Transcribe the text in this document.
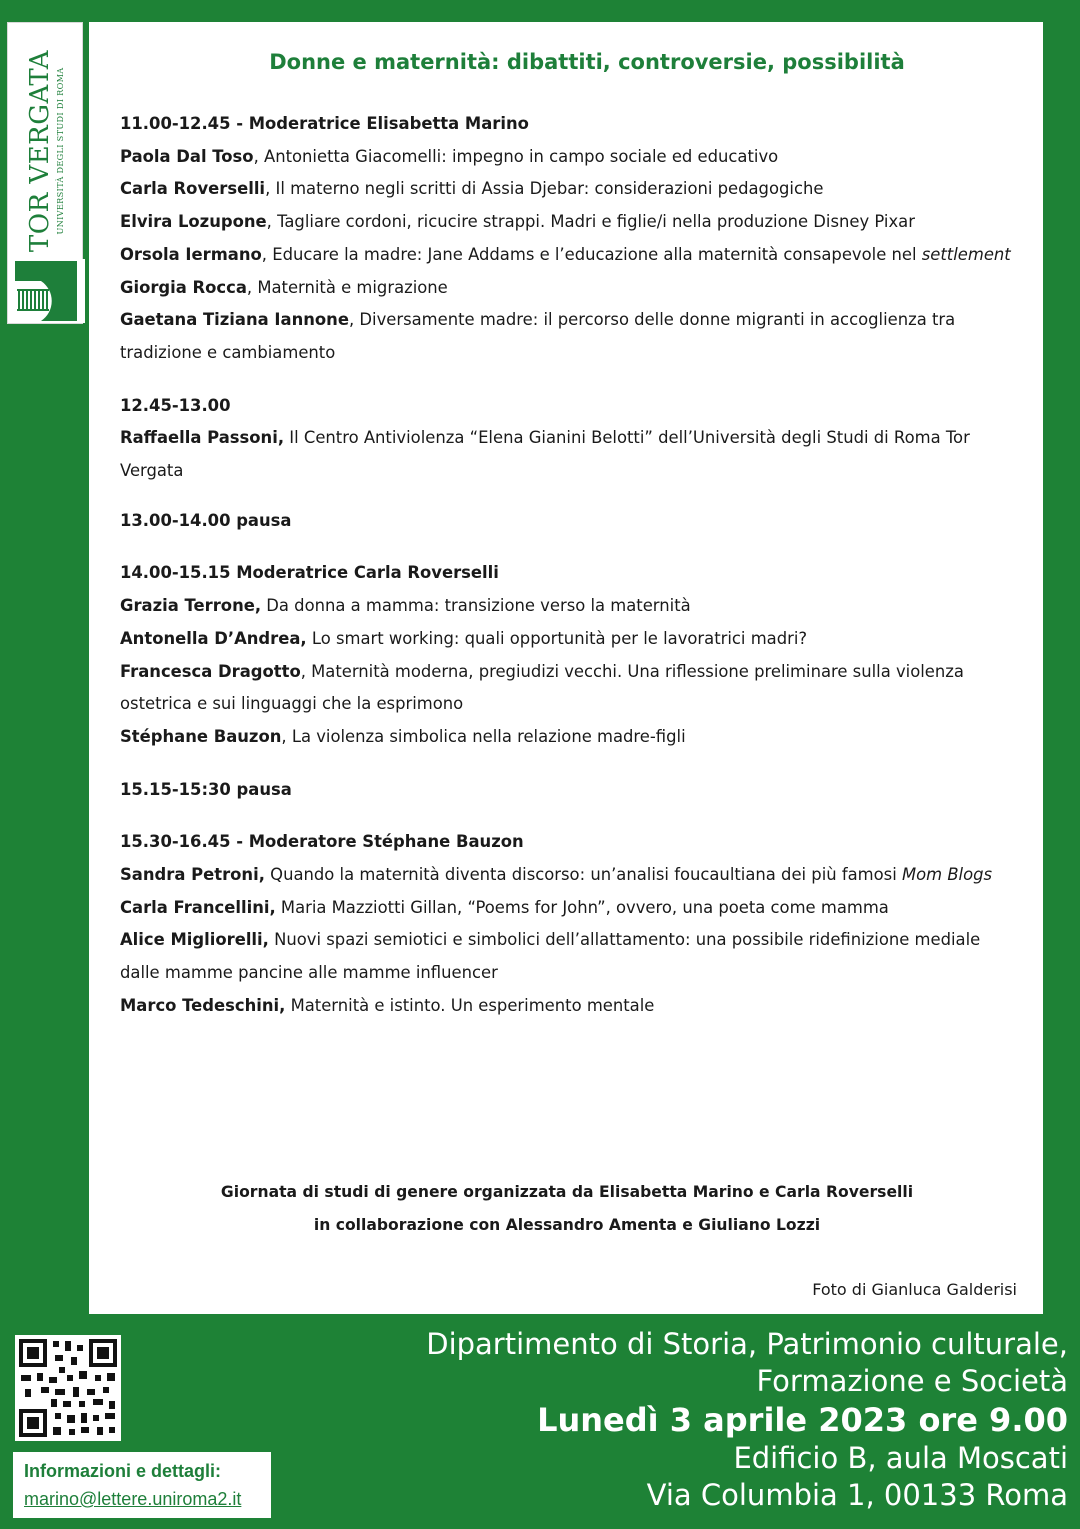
TOR VERGATA UNIVERSITÀ DEGLI STUDI DI ROMA
Donne e maternità: dibattiti, controversie, possibilità

11.00-12.45 - Moderatrice Elisabetta Marino

Paola Dal Toso, Antonietta Giacomelli: impegno in campo sociale ed educativo

Carla Roverselli, Il materno negli scritti di Assia Djebar: considerazioni pedagogiche

Elvira Lozupone, Tagliare cordoni, ricucire strappi. Madri e figlie/i nella produzione Disney Pixar

Orsola Iermano, Educare la madre: Jane Addams e l’educazione alla maternità consapevole nel settlement

Giorgia Rocca, Maternità e migrazione

Gaetana Tiziana Iannone, Diversamente madre: il percorso delle donne migranti in accoglienza tra tradizione e cambiamento

12.45-13.00

Raffaella Passoni, Il Centro Antiviolenza “Elena Gianini Belotti” dell’Università degli Studi di Roma Tor Vergata

13.00-14.00 pausa

14.00-15.15 Moderatrice Carla Roverselli

Grazia Terrone, Da donna a mamma: transizione verso la maternità

Antonella D’Andrea, Lo smart working: quali opportunità per le lavoratrici madri?

Francesca Dragotto, Maternità moderna, pregiudizi vecchi. Una riflessione preliminare sulla violenza ostetrica e sui linguaggi che la esprimono

Stéphane Bauzon, La violenza simbolica nella relazione madre-figli

15.15-15:30 pausa

15.30-16.45 - Moderatore Stéphane Bauzon

Sandra Petroni, Quando la maternità diventa discorso: un’analisi foucaultiana dei più famosi Mom Blogs

Carla Francellini, Maria Mazziotti Gillan, “Poems for John”, ovvero, una poeta come mamma

Alice Migliorelli, Nuovi spazi semiotici e simbolici dell’allattamento: una possibile ridefinizione mediale dalle mamme pancine alle mamme influencer

Marco Tedeschini, Maternità e istinto. Un esperimento mentale

Giornata di studi di genere organizzata da Elisabetta Marino e Carla Roverselli

in collaborazione con Alessandro Amenta e Giuliano Lozzi

Foto di Gianluca Galderisi
Informazioni e dettagli:
marino@lettere.uniroma2.it
Dipartimento di Storia, Patrimonio culturale,
Formazione e Società
Lunedì 3 aprile 2023 ore 9.00
Edificio B, aula Moscati
Via Columbia 1, 00133 Roma
